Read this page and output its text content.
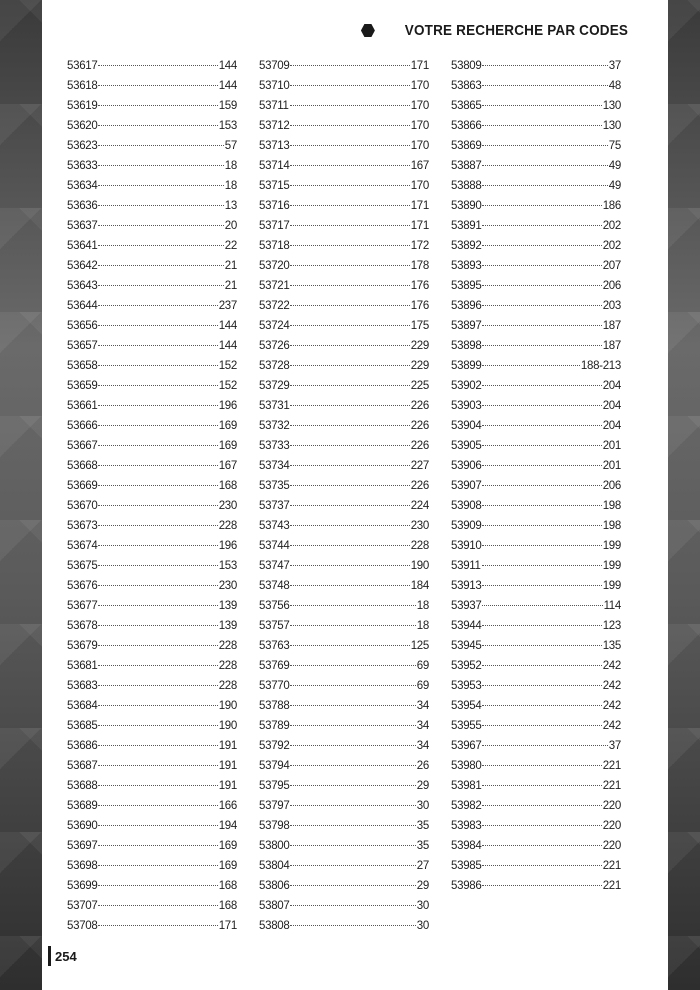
VOTRE RECHERCHE PAR CODES
53617	144
53618	144
53619	159
53620	153
53623	57
53633	18
53634	18
53636	13
53637	20
53641	22
53642	21
53643	21
53644	237
53656	144
53657	144
53658	152
53659	152
53661	196
53666	169
53667	169
53668	167
53669	168
53670	230
53673	228
53674	196
53675	153
53676	230
53677	139
53678	139
53679	228
53681	228
53683	228
53684	190
53685	190
53686	191
53687	191
53688	191
53689	166
53690	194
53697	169
53698	169
53699	168
53707	168
53708	171
53709	171
53710	170
53711	170
53712	170
53713	170
53714	167
53715	170
53716	171
53717	171
53718	172
53720	178
53721	176
53722	176
53724	175
53726	229
53728	229
53729	225
53731	226
53732	226
53733	226
53734	227
53735	226
53737	224
53743	230
53744	228
53747	190
53748	184
53756	18
53757	18
53763	125
53769	69
53770	69
53788	34
53789	34
53792	34
53794	26
53795	29
53797	30
53798	35
53800	35
53804	27
53806	29
53807	30
53808	30
53809	37
53863	48
53865	130
53866	130
53869	75
53887	49
53888	49
53890	186
53891	202
53892	202
53893	207
53895	206
53896	203
53897	187
53898	187
53899	188-213
53902	204
53903	204
53904	204
53905	201
53906	201
53907	206
53908	198
53909	198
53910	199
53911	199
53913	199
53937	114
53944	123
53945	135
53952	242
53953	242
53954	242
53955	242
53967	37
53980	221
53981	221
53982	220
53983	220
53984	220
53985	221
53986	221
254
